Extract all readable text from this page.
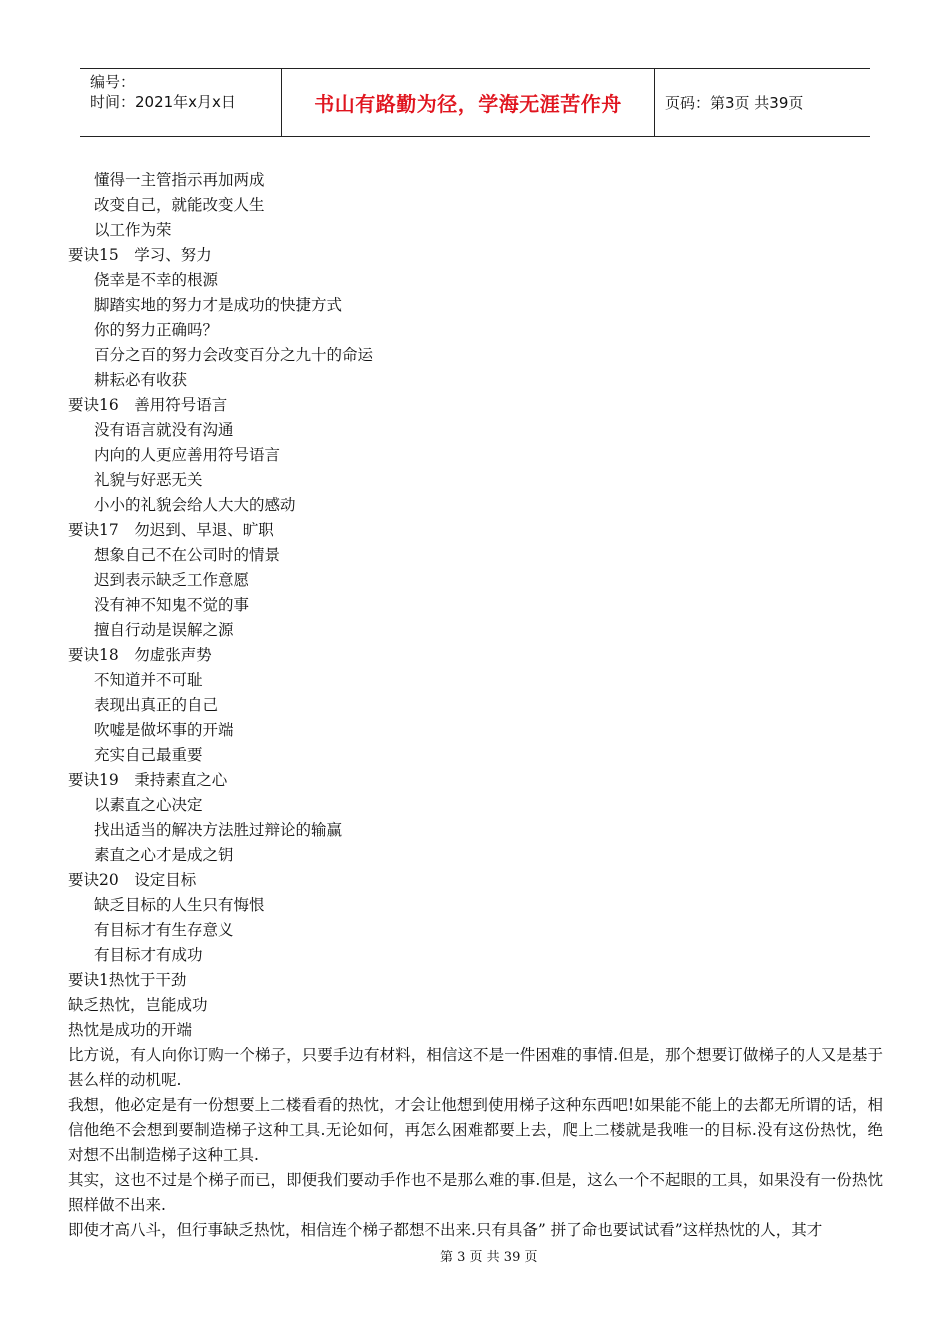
编号：
时间：2021年x月x日	书山有路勤为径，学海无涯苦作舟	页码：第3页 共39页
懂得一主管指示再加两成
改变自己，就能改变人生
以工作为荣
要诀15　学习、努力
侥幸是不幸的根源
脚踏实地的努力才是成功的快捷方式
你的努力正确吗？
百分之百的努力会改变百分之九十的命运
耕耘必有收获
要诀16　善用符号语言
没有语言就没有沟通
内向的人更应善用符号语言
礼貌与好恶无关
小小的礼貌会给人大大的感动
要诀17　勿迟到、早退、旷职
想象自己不在公司时的情景
迟到表示缺乏工作意愿
没有神不知鬼不觉的事
擅自行动是误解之源
要诀18　勿虚张声势
不知道并不可耻
表现出真正的自己
吹嘘是做坏事的开端
充实自己最重要
要诀19　秉持素直之心
以素直之心决定
找出适当的解决方法胜过辩论的输赢
素直之心才是成之钥
要诀20　设定目标
缺乏目标的人生只有悔恨
有目标才有生存意义
有目标才有成功
要诀1热忱于干劲
缺乏热忱，岂能成功
热忱是成功的开端
比方说，有人向你订购一个梯子，只要手边有材料，相信这不是一件困难的事情.但是，那个想要订做梯子的人又是基于甚么样的动机呢.
我想，他必定是有一份想要上二楼看看的热忱，才会让他想到使用梯子这种东西吧!如果能不能上的去都无所谓的话，相信他绝不会想到要制造梯子这种工具.无论如何，再怎么困难都要上去，爬上二楼就是我唯一的目标.没有这份热忱，绝对想不出制造梯子这种工具.
其实，这也不过是个梯子而已，即便我们要动手作也不是那么难的事.但是，这么一个不起眼的工具，如果没有一份热忱照样做不出来.
即使才高八斗，但行事缺乏热忱，相信连个梯子都想不出来.只有具备” 拼了命也要试试看”这样热忱的人，其才
第 3 页 共 39 页
